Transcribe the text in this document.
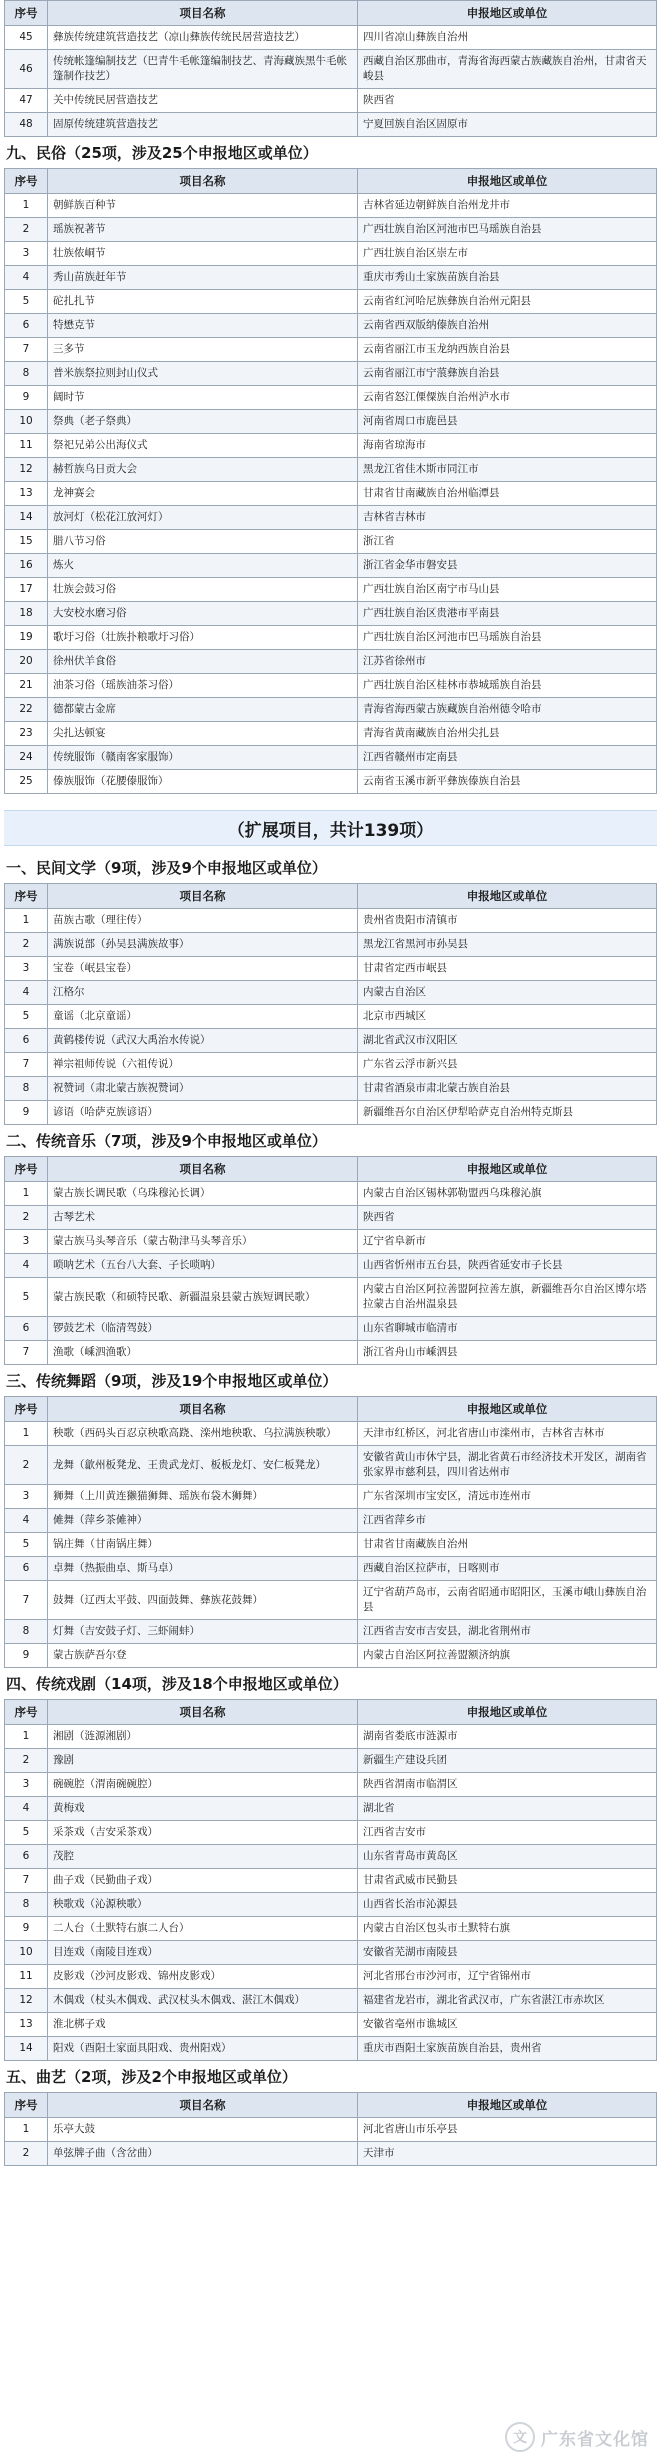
序号	项目名称	申报地区或单位
45	彝族传统建筑营造技艺（凉山彝族传统民居营造技艺）	四川省凉山彝族自治州
46	传统帐篷编制技艺（巴青牛毛帐篷编制技艺、青海藏族黑牛毛帐篷制作技艺）	西藏自治区那曲市，青海省海西蒙古族藏族自治州，甘肃省天峻县
47	关中传统民居营造技艺	陕西省
48	固原传统建筑营造技艺	宁夏回族自治区固原市
九、民俗（25项，涉及25个申报地区或单位）
序号	项目名称	申报地区或单位
1	朝鲜族百种节	吉林省延边朝鲜族自治州龙井市
2	瑶族祝著节	广西壮族自治区河池市巴马瑶族自治县
3	壮族侬峒节	广西壮族自治区崇左市
4	秀山苗族赶年节	重庆市秀山土家族苗族自治县
5	砣扎扎节	云南省红河哈尼族彝族自治州元阳县
6	特懋克节	云南省西双版纳傣族自治州
7	三多节	云南省丽江市玉龙纳西族自治县
8	普米族祭拉则封山仪式	云南省丽江市宁蒗彝族自治县
9	阔时节	云南省怒江傈僳族自治州泸水市
10	祭典（老子祭典）	河南省周口市鹿邑县
11	祭祀兄弟公出海仪式	海南省琼海市
12	赫哲族乌日贡大会	黑龙江省佳木斯市同江市
13	龙神赛会	甘肃省甘南藏族自治州临潭县
14	放河灯（松花江放河灯）	吉林省吉林市
15	腊八节习俗	浙江省
16	炼火	浙江省金华市磐安县
17	壮族会鼓习俗	广西壮族自治区南宁市马山县
18	大安校水磨习俗	广西壮族自治区贵港市平南县
19	歌圩习俗（壮族扑粮歌圩习俗）	广西壮族自治区河池市巴马瑶族自治县
20	徐州伏羊食俗	江苏省徐州市
21	油茶习俗（瑶族油茶习俗）	广西壮族自治区桂林市恭城瑶族自治县
22	德都蒙古金席	青海省海西蒙古族藏族自治州德令哈市
23	尖扎达顿宴	青海省黄南藏族自治州尖扎县
24	传统服饰（赣南客家服饰）	江西省赣州市定南县
25	傣族服饰（花腰傣服饰）	云南省玉溪市新平彝族傣族自治县
（扩展项目，共计139项）
一、民间文学（9项，涉及9个申报地区或单位）
序号	项目名称	申报地区或单位
1	苗族古歌（理往传）	贵州省贵阳市清镇市
2	满族说部（孙吴县满族故事）	黑龙江省黑河市孙吴县
3	宝卷（岷县宝卷）	甘肃省定西市岷县
4	江格尔	内蒙古自治区
5	童谣（北京童谣）	北京市西城区
6	黄鹤楼传说（武汉大禹治水传说）	湖北省武汉市汉阳区
7	禅宗祖师传说（六祖传说）	广东省云浮市新兴县
8	祝赞词（肃北蒙古族祝赞词）	甘肃省酒泉市肃北蒙古族自治县
9	谚语（哈萨克族谚语）	新疆维吾尔自治区伊犁哈萨克自治州特克斯县
二、传统音乐（7项，涉及9个申报地区或单位）
序号	项目名称	申报地区或单位
1	蒙古族长调民歌（乌珠穆沁长调）	内蒙古自治区锡林郭勒盟西乌珠穆沁旗
2	古琴艺术	陕西省
3	蒙古族马头琴音乐（蒙古勒津马头琴音乐）	辽宁省阜新市
4	唢呐艺术（五台八大套、子长唢呐）	山西省忻州市五台县，陕西省延安市子长县
5	蒙古族民歌（和硕特民歌、新疆温泉县蒙古族短调民歌）	内蒙古自治区阿拉善盟阿拉善左旗，新疆维吾尔自治区博尔塔拉蒙古自治州温泉县
6	锣鼓艺术（临清驾鼓）	山东省聊城市临清市
7	渔歌（嵊泗渔歌）	浙江省舟山市嵊泗县
三、传统舞蹈（9项，涉及19个申报地区或单位）
序号	项目名称	申报地区或单位
1	秧歌（西码头百忍京秧歌高跷、滦州地秧歌、乌拉满族秧歌）	天津市红桥区，河北省唐山市滦州市，吉林省吉林市
2	龙舞（歙州板凳龙、王贵武龙灯、板板龙灯、安仁板凳龙）	安徽省黄山市休宁县，湖北省黄石市经济技术开发区，湖南省张家界市慈利县，四川省达州市
3	狮舞（上川黄连獭猫狮舞、瑶族布袋木狮舞）	广东省深圳市宝安区，清远市连州市
4	傩舞（萍乡茶傩神）	江西省萍乡市
5	锅庄舞（甘南锅庄舞）	甘肃省甘南藏族自治州
6	卓舞（热振曲卓、斯马卓）	西藏自治区拉萨市，日喀则市
7	鼓舞（辽西太平鼓、四面鼓舞、彝族花鼓舞）	辽宁省葫芦岛市，云南省昭通市昭阳区，玉溪市峨山彝族自治县
8	灯舞（吉安鼓子灯、三虾闹蚌）	江西省吉安市吉安县，湖北省荆州市
9	蒙古族萨吾尔登	内蒙古自治区阿拉善盟额济纳旗
四、传统戏剧（14项，涉及18个申报地区或单位）
序号	项目名称	申报地区或单位
1	湘剧（涟源湘剧）	湖南省娄底市涟源市
2	豫剧	新疆生产建设兵团
3	碗碗腔（渭南碗碗腔）	陕西省渭南市临渭区
4	黄梅戏	湖北省
5	采茶戏（吉安采茶戏）	江西省吉安市
6	茂腔	山东省青岛市黄岛区
7	曲子戏（民勤曲子戏）	甘肃省武威市民勤县
8	秧歌戏（沁源秧歌）	山西省长治市沁源县
9	二人台（土默特右旗二人台）	内蒙古自治区包头市土默特右旗
10	目连戏（南陵目连戏）	安徽省芜湖市南陵县
11	皮影戏（沙河皮影戏、锦州皮影戏）	河北省邢台市沙河市，辽宁省锦州市
12	木偶戏（杖头木偶戏、武汉杖头木偶戏、湛江木偶戏）	福建省龙岩市，湖北省武汉市，广东省湛江市赤坎区
13	淮北梆子戏	安徽省亳州市谯城区
14	阳戏（酉阳土家面具阳戏、贵州阳戏）	重庆市酉阳土家族苗族自治县，贵州省
五、曲艺（2项，涉及2个申报地区或单位）
序号	项目名称	申报地区或单位
1	乐亭大鼓	河北省唐山市乐亭县
2	单弦牌子曲（含岔曲）	天津市
文 广东省文化馆
